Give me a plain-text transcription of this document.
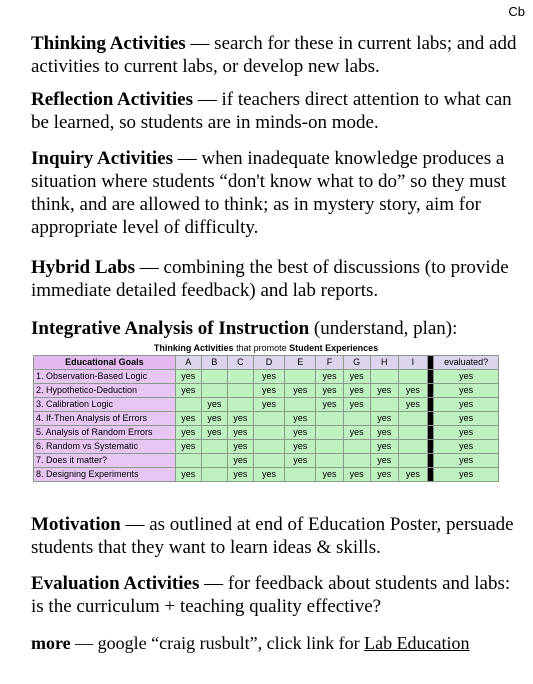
Cb
Thinking Activities — search for these in current labs; and add activities to current labs, or develop new labs.
Reflection Activities — if teachers direct attention to what can be learned, so students are in minds-on mode.
Inquiry Activities — when inadequate knowledge produces a situation where students “don't know what to do” so they must think, and are allowed to think; as in mystery story, aim for appropriate level of difficulty.
Hybrid Labs — combining the best of discussions (to provide immediate detailed feedback) and lab reports.
Integrative Analysis of Instruction (understand, plan):
Thinking Activities that promote Student Experiences											
Educational Goals	A	B	C	D	E	F	G	H	I		evaluated?
1. Observation-Based Logic	yes			yes		yes	yes				yes
2. Hypothetico-Deduction	yes			yes	yes	yes	yes	yes	yes		yes
3. Calibration Logic		yes		yes		yes	yes		yes		yes
4. If-Then Analysis of Errors	yes	yes	yes		yes			yes			yes
5. Analysis of Random Errors	yes	yes	yes		yes		yes	yes			yes
6. Random vs Systematic	yes		yes		yes			yes			yes
7. Does it matter?			yes		yes			yes			yes
8. Designing Experiments	yes		yes	yes		yes	yes	yes	yes		yes
Motivation — as outlined at end of Education Poster, persuade students that they want to learn ideas & skills.
Evaluation Activities — for feedback about students and labs: is the curriculum + teaching quality effective?
more — google “craig rusbult”, click link for Lab Education
